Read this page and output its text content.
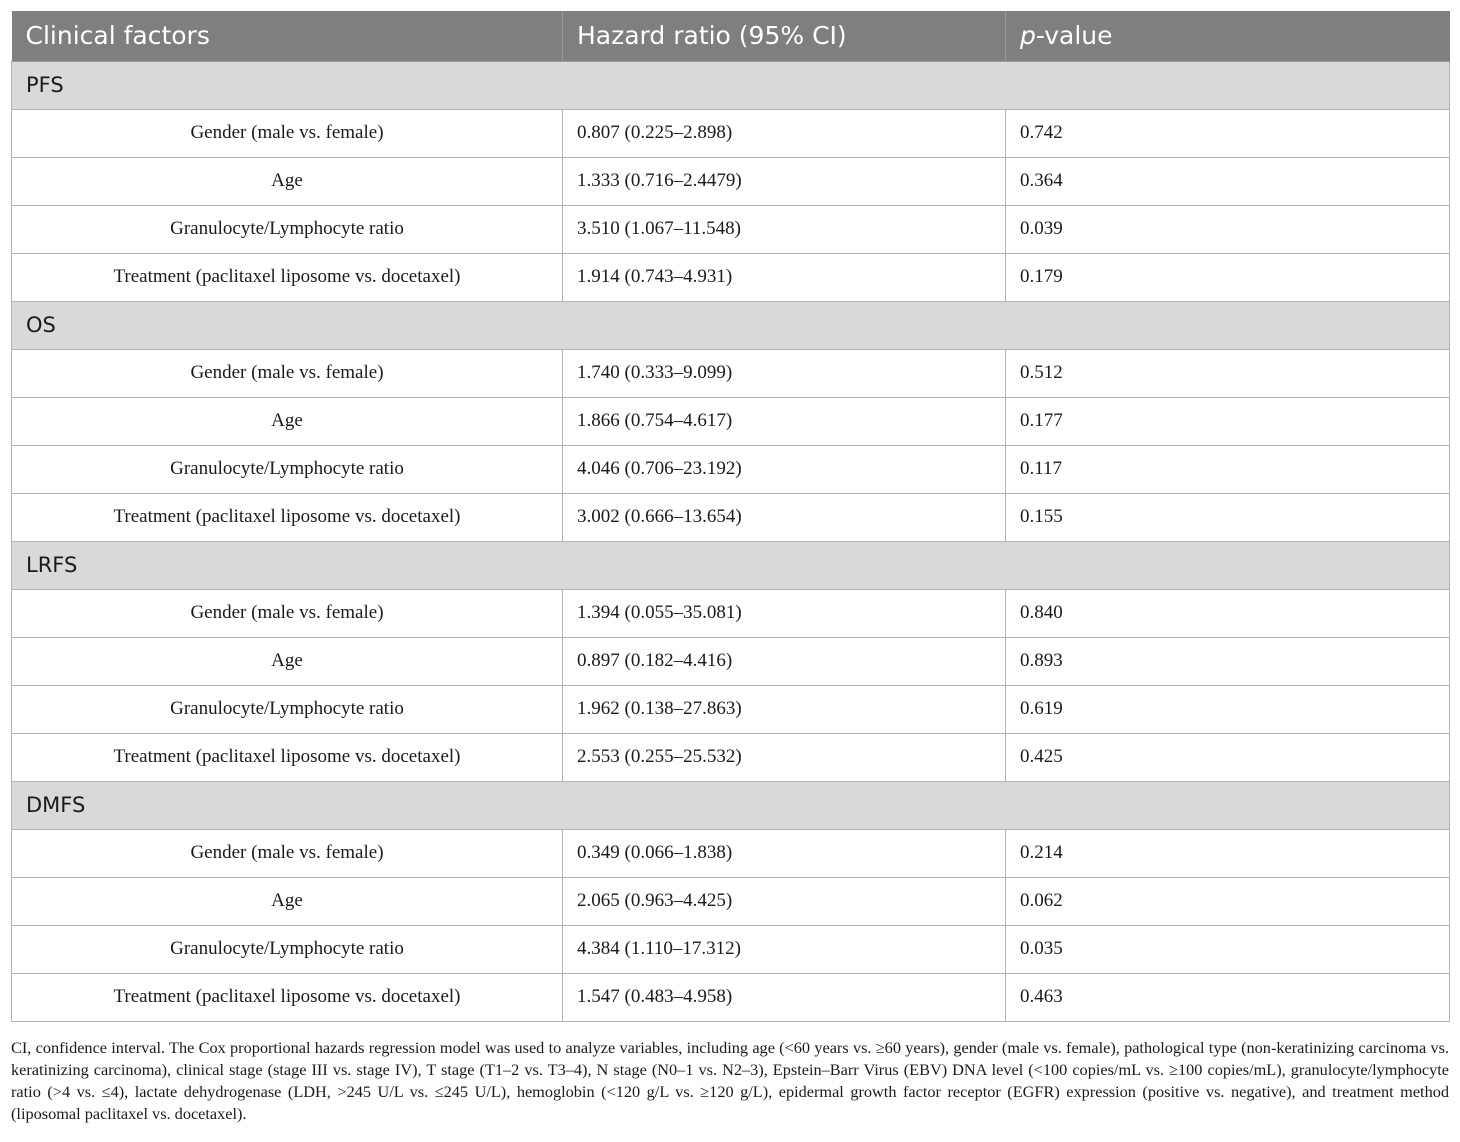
Clinical factors	Hazard ratio (95% CI)	p-value
PFS		
Gender (male vs. female)	0.807 (0.225–2.898)	0.742
Age	1.333 (0.716–2.4479)	0.364
Granulocyte/Lymphocyte ratio	3.510 (1.067–11.548)	0.039
Treatment (paclitaxel liposome vs. docetaxel)	1.914 (0.743–4.931)	0.179
OS		
Gender (male vs. female)	1.740 (0.333–9.099)	0.512
Age	1.866 (0.754–4.617)	0.177
Granulocyte/Lymphocyte ratio	4.046 (0.706–23.192)	0.117
Treatment (paclitaxel liposome vs. docetaxel)	3.002 (0.666–13.654)	0.155
LRFS		
Gender (male vs. female)	1.394 (0.055–35.081)	0.840
Age	0.897 (0.182–4.416)	0.893
Granulocyte/Lymphocyte ratio	1.962 (0.138–27.863)	0.619
Treatment (paclitaxel liposome vs. docetaxel)	2.553 (0.255–25.532)	0.425
DMFS		
Gender (male vs. female)	0.349 (0.066–1.838)	0.214
Age	2.065 (0.963–4.425)	0.062
Granulocyte/Lymphocyte ratio	4.384 (1.110–17.312)	0.035
Treatment (paclitaxel liposome vs. docetaxel)	1.547 (0.483–4.958)	0.463
CI, confidence interval. The Cox proportional hazards regression model was used to analyze variables, including age (<60 years vs. ≥60 years), gender (male vs. female), pathological type (non-keratinizing carcinoma vs. keratinizing carcinoma), clinical stage (stage III vs. stage IV), T stage (T1–2 vs. T3–4), N stage (N0–1 vs. N2–3), Epstein–Barr Virus (EBV) DNA level (<100 copies/mL vs. ≥100 copies/mL), granulocyte/lymphocyte ratio (>4 vs. ≤4), lactate dehydrogenase (LDH, >245 U/L vs. ≤245 U/L), hemoglobin (<120 g/L vs. ≥120 g/L), epidermal growth factor receptor (EGFR) expression (positive vs. negative), and treatment method (liposomal paclitaxel vs. docetaxel).
